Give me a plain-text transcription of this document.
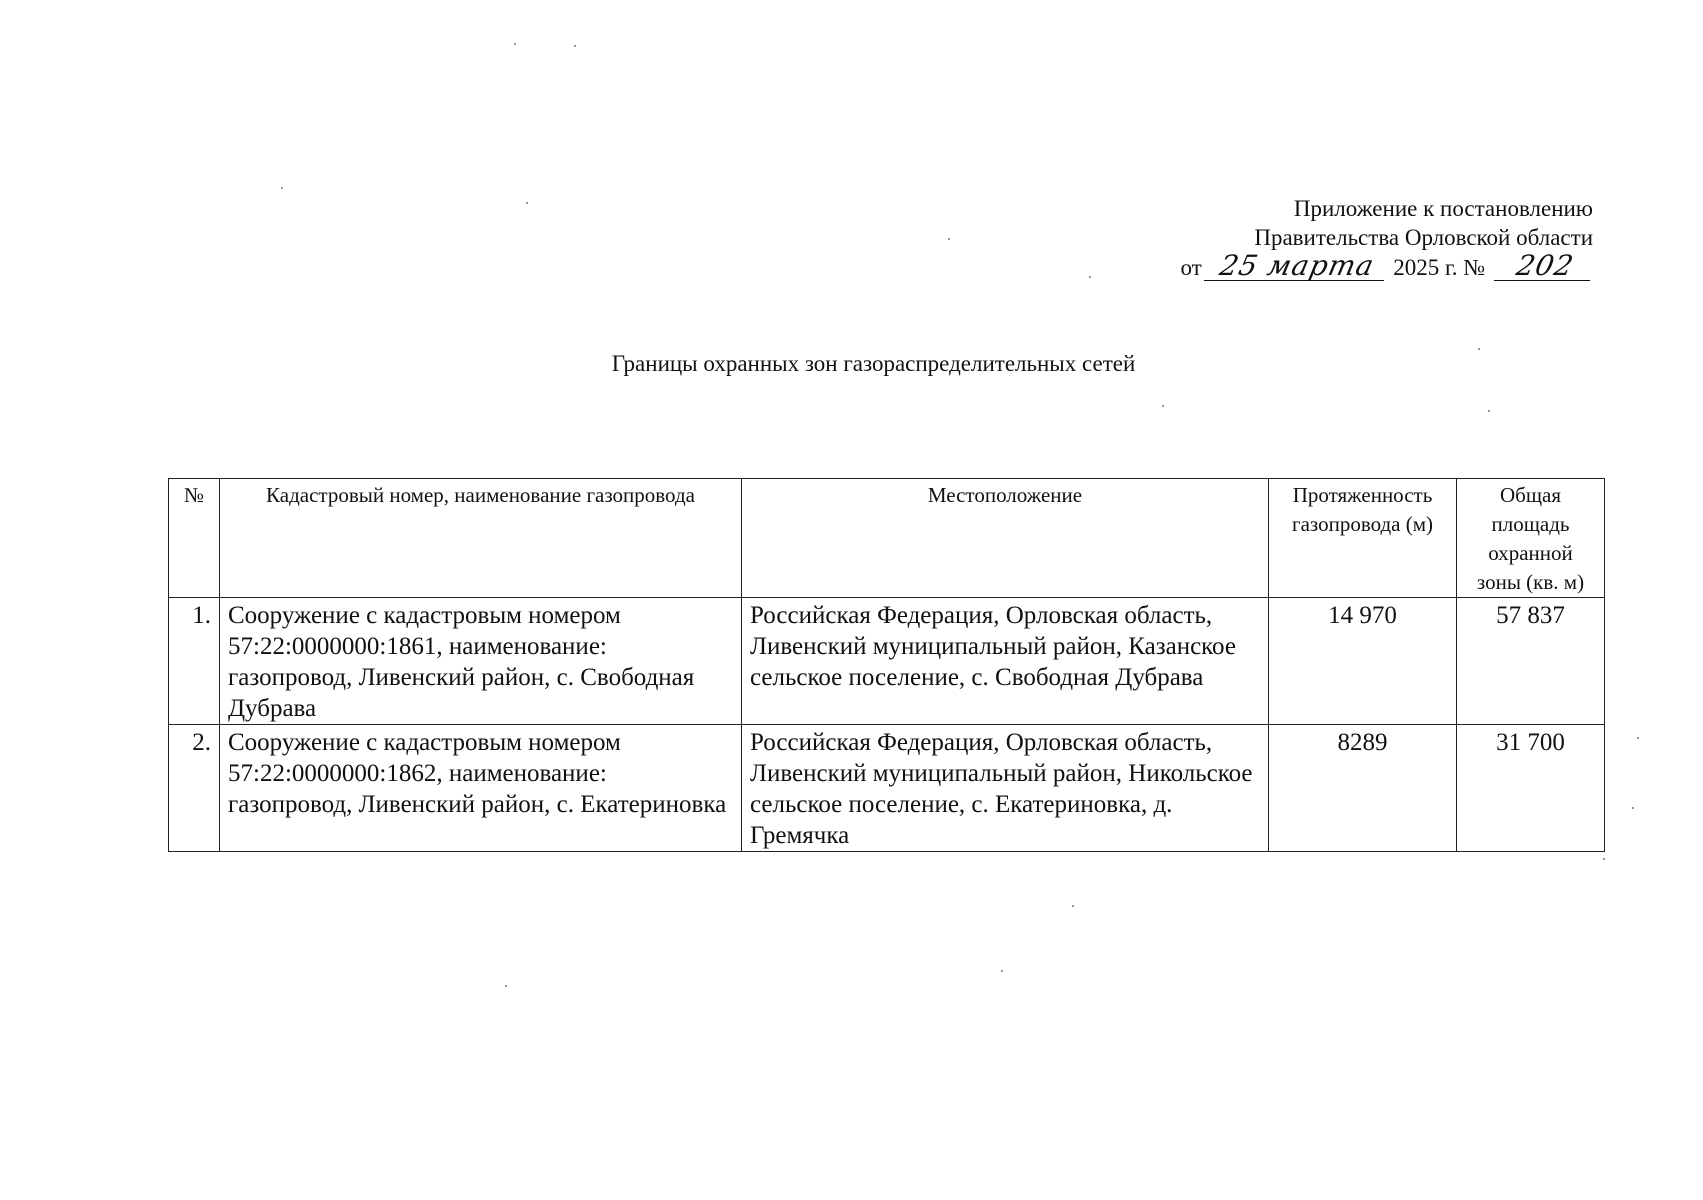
Приложение к постановлению
Правительства Орловской области
от 25 марта 2025 г. № 202
Границы охранных зон газораспределительных сетей
№	Кадастровый номер, наименование газопровода	Местоположение	Протяженность газопровода (м)	Общая площадь охранной зоны (кв. м)
1.	Сооружение с кадастровым номером 57:22:0000000:1861, наименование: газопровод, Ливенский район, с. Свободная Дубрава	Российская Федерация, Орловская область, Ливенский муниципальный район, Казанское сельское поселение, с. Свободная Дубрава	14 970	57 837
2.	Сооружение с кадастровым номером 57:22:0000000:1862, наименование: газопровод, Ливенский район, с. Екатериновка	Российская Федерация, Орловская область, Ливенский муниципальный район, Никольское сельское поселение, с. Екатериновка, д. Гремячка	8289	31 700
